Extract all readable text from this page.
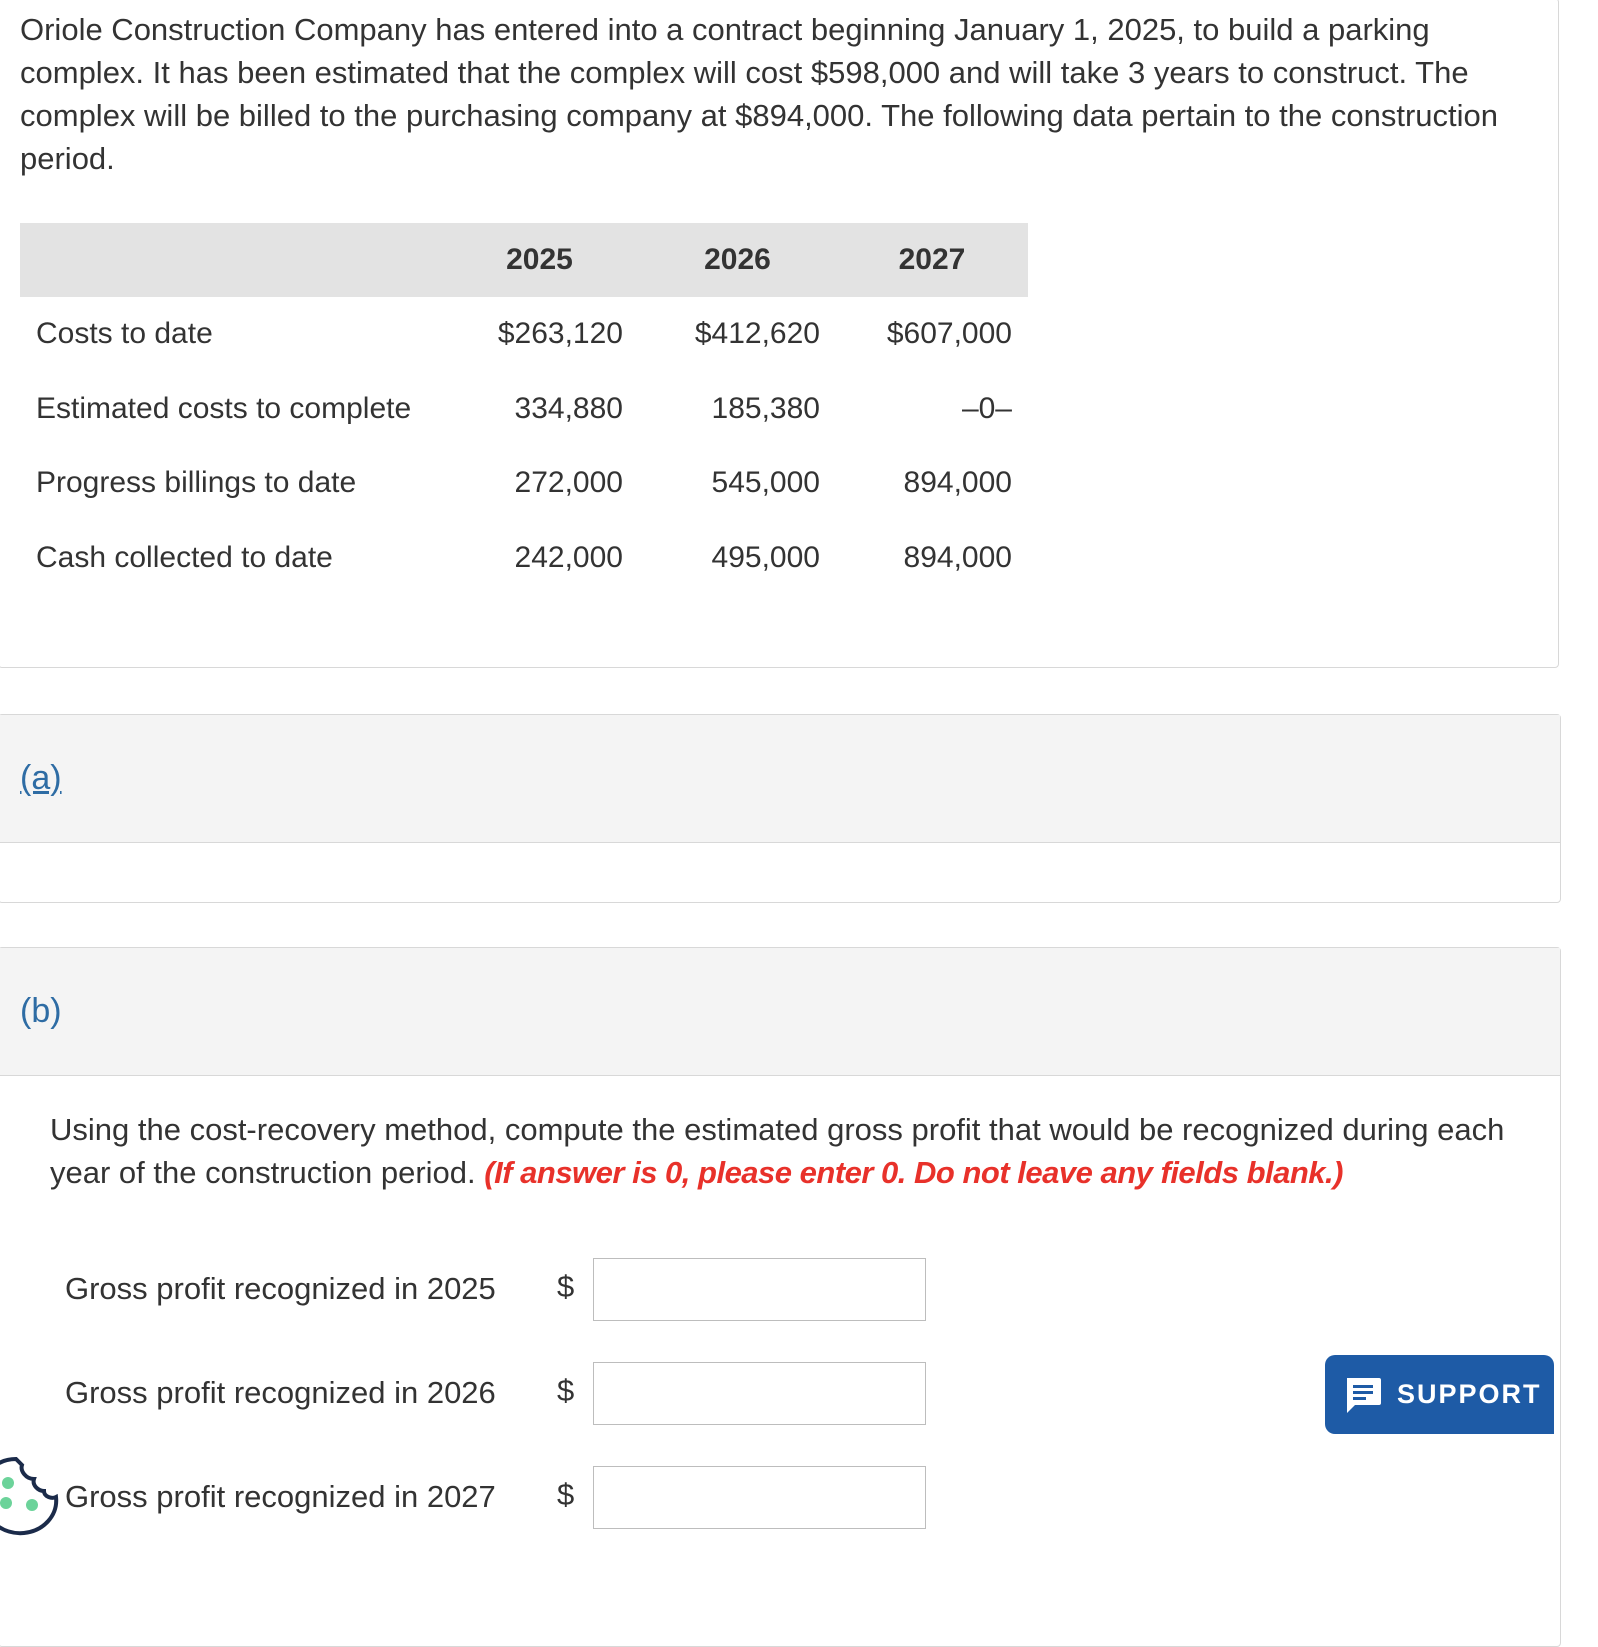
Oriole Construction Company has entered into a contract beginning January 1, 2025, to build a parking complex. It has been estimated that the complex will cost $598,000 and will take 3 years to construct. The complex will be billed to the purchasing company at $894,000. The following data pertain to the construction period.

	2025	2026	2027
Costs to date	$263,120	$412,620	$607,000
Estimated costs to complete	334,880	185,380	–0–
Progress billings to date	272,000	545,000	894,000
Cash collected to date	242,000	495,000	894,000
(a)
(b)

Using the cost-recovery method, compute the estimated gross profit that would be recognized during each year of the construction period. (If answer is 0, please enter 0. Do not leave any fields blank.)

Gross profit recognized in 2025 $
Gross profit recognized in 2026 $
Gross profit recognized in 2027 $
SUPPORT
